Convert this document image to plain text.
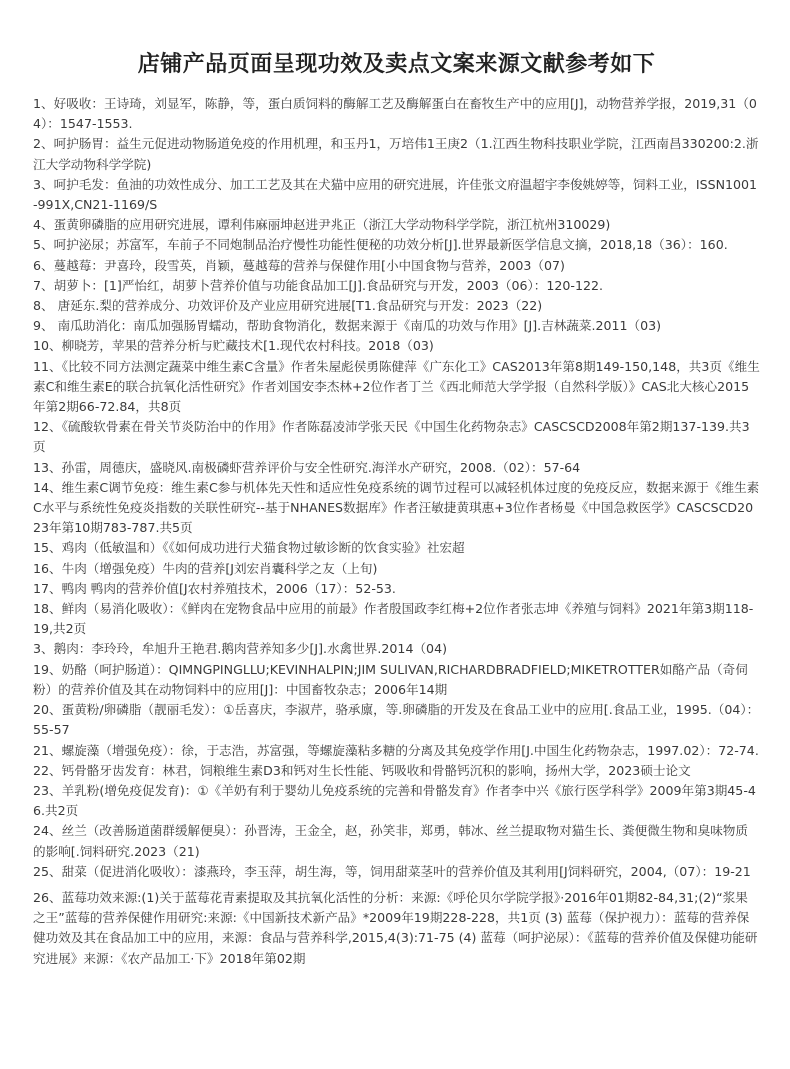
店铺产品页面呈现功效及卖点文案来源文献参考如下
1、好吸收：王诗琦，刘显军，陈静，等，蛋白质饲料的酶解工艺及酶解蛋白在畜牧生产中的应用[J]，动物营养学报，2019,31（04）：1547-1553.
2、呵护肠胃：益生元促进动物肠道免疫的作用机理，和玉丹1，万培伟1王庚2（1.江西生物科技职业学院，江西南昌330200:2.浙江大学动物科学学院)
3、呵护毛发：鱼油的功效性成分、加工工艺及其在犬猫中应用的研究进展，许佳张文府温超宇李俊姚婷等，饲料工业，ISSN1001-991X,CN21-1169/S
4、蛋黄卵磷脂的应用研究进展，谭利伟麻丽坤赵进尹兆正（浙江大学动物科学学院，浙江杭州310029)
5、呵护泌尿；苏富军，车前子不同炮制品治疗慢性功能性便秘的功效分析[J].世界最新医学信息文摘，2018,18（36）：160.
6、蔓越莓：尹喜玲，段雪英，肖颖，蔓越莓的营养与保健作用[小中国食物与营养，2003（07)
7、胡萝卜：[1]严怡红，胡萝卜营养价值与功能食品加工[J].食品研究与开发，2003（06）：120-122.
8、 唐延东.梨的营养成分、功效评价及产业应用研究进展[T1.食品研究与开发：2023（22)
9、 南瓜助消化：南瓜加强肠胃蠕动，帮助食物消化，数据来源于《南瓜的功效与作用》[J].吉林蔬菜.2011（03)
10、柳晓芳，苹果的营养分析与贮藏技术[1.现代农村科技。2018（03)
11、《比较不同方法测定蔬菜中维生素C含量》作者朱屋彪侯勇陈健萍《广东化工》CAS2013年第8期149-150,148，共3页《维生素C和维生素E的联合抗氧化活性研究》作者刘国安李杰林+2位作者丁兰《西北师范大学学报（自然科学版）》CAS北大核心2015年第2期66-72.84，共8页
12、《硫酸软骨素在骨关节炎防治中的作用》作者陈磊凌沛学张天民《中国生化药物杂志》CASCSCD2008年第2期137-139.共3页
13、孙雷，周德庆，盛晓风.南极磷虾营养评价与安全性研究.海洋水产研究，2008.（02）：57-64
14、维生素C调节免疫：维生素C参与机体先天性和适应性免疫系统的调节过程可以减轻机体过度的免疫反应，数据来源于《维生素C水平与系统性免疫炎指数的关联性研究--基于NHANES数据库》作者汪敏捷黄琪惠+3位作者杨曼《中国急救医学》CASCSCD2023年第10期783-787.共5页
15、鸡肉（低敏温和）《《如何成功进行犬猫食物过敏诊断的饮食实验》社宏超
16、牛肉（增强免疫）牛肉的营养[J刘宏肖囊科学之友（上旬)
17、鸭肉 鸭肉的营养价值[J农村养殖技术，2006（17）：52-53.
18、鲜肉（易消化吸收）：《鲜肉在宠物食品中应用的前最》作者殷国政李红梅+2位作者张志坤《养殖与饲料》2021年第3期118-19,共2页
3、鹅肉：李玲玲，牟旭升王艳君.鹅肉营养知多少[J].水禽世界.2014（04)
19、奶酪（呵护肠道）：QIMNGPINGLLU;KEVINHALPIN;JIM SULIVAN,RICHARDBRADFIELD;MIKETROTTER如酪产品（奇伺粉）的营养价值及其在动物饲料中的应用[J]：中国畜牧杂志；2006年14期
20、蛋黄粉/卵磷脂（靓丽毛发）：①岳喜庆，李淑芹，骆承廪，等.卵磷脂的开发及在食品工业中的应用[.食品工业，1995.（04）：55-57
21、螺旋藻（增强免疫）：徐，于志浩，苏富强，等螺旋藻粘多糖的分离及其免疫学作用[J.中国生化药物杂志，1997.02）：72-74.
22、钙骨骼牙齿发育：林君，饲粮维生素D3和钙对生长性能、钙吸收和骨骼钙沉积的影响，扬州大学，2023硕士论文
23、羊乳粉(增免疫促发育)：①《羊奶有利于婴幼儿免疫系统的完善和骨骼发育》作者李中兴《旅行医学科学》2009年第3期45-46.共2页
24、丝兰（改善肠道菌群缓解便臭）：孙晋涛，王金全，赵，孙笑非，郑勇，韩冰、丝兰提取物对猫生长、粪便微生物和臭味物质的影响[.饲料研究.2023（21)
25、甜菜（促进消化吸收）：漆燕玲，李玉萍，胡生海，等，饲用甜菜茎叶的营养价值及其利用[J饲料研究，2004,（07）：19-21
26、蓝莓功效来源:(1)关于蓝莓花青素提取及其抗氧化活性的分析：来源:《呼伦贝尔学院学报》·2016年01期82-84,31;(2)“浆果之王”蓝莓的营养保健作用研究:来源:《中国新技术新产品》*2009年19期228-228，共1页 (3) 蓝莓（保护视力）：蓝莓的营养保健功效及其在食品加工中的应用，来源：食品与营养科学,2015,4(3):71-75 (4) 蓝莓（呵护泌尿）：《蓝莓的营养价值及保健功能研究进展》来源：《农产品加工·下》2018年第02期
